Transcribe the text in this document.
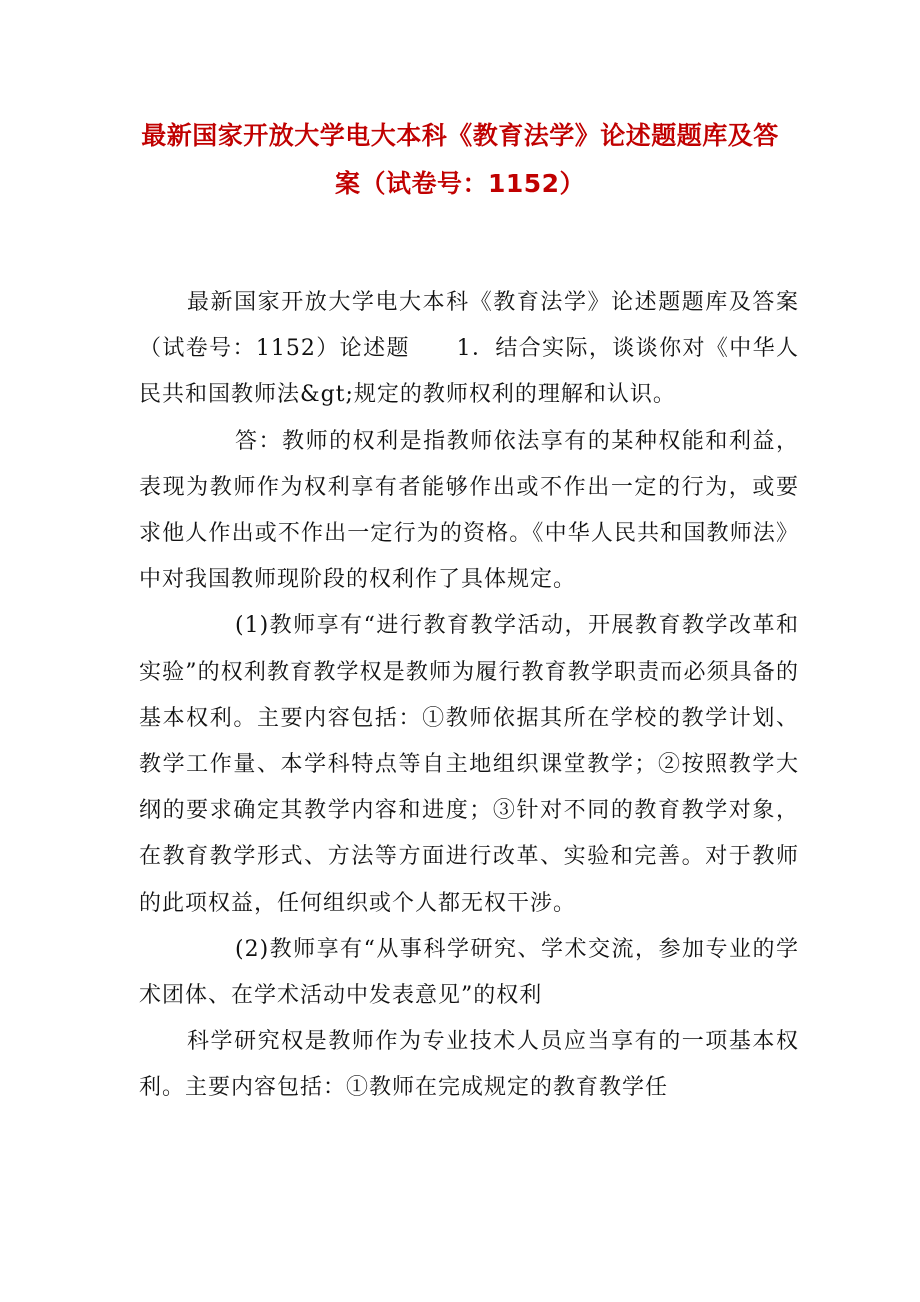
最新国家开放大学电大本科《教育法学》论述题题库及答案（试卷号：1152）

最新国家开放大学电大本科《教育法学》论述题题库及答案（试卷号：1152）论述题　　1．结合实际，谈谈你对《中华人民共和国教师法&gt;规定的教师权利的理解和认识。

答：教师的权利是指教师依法享有的某种权能和利益，表现为教师作为权利享有者能够作出或不作出一定的行为，或要求他人作出或不作出一定行为的资格。《中华人民共和国教师法》中对我国教师现阶段的权利作了具体规定。

(1)教师享有“进行教育教学活动，开展教育教学改革和实验”的权利教育教学权是教师为履行教育教学职责而必须具备的基本权利。主要内容包括：①教师依据其所在学校的教学计划、教学工作量、本学科特点等自主地组织课堂教学；②按照教学大纲的要求确定其教学内容和进度；③针对不同的教育教学对象，在教育教学形式、方法等方面进行改革、实验和完善。对于教师的此项权益，任何组织或个人都无权干涉。

(2)教师享有“从事科学研究、学术交流，参加专业的学术团体、在学术活动中发表意见”的权利

科学研究权是教师作为专业技术人员应当享有的一项基本权利。主要内容包括：①教师在完成规定的教育教学任
